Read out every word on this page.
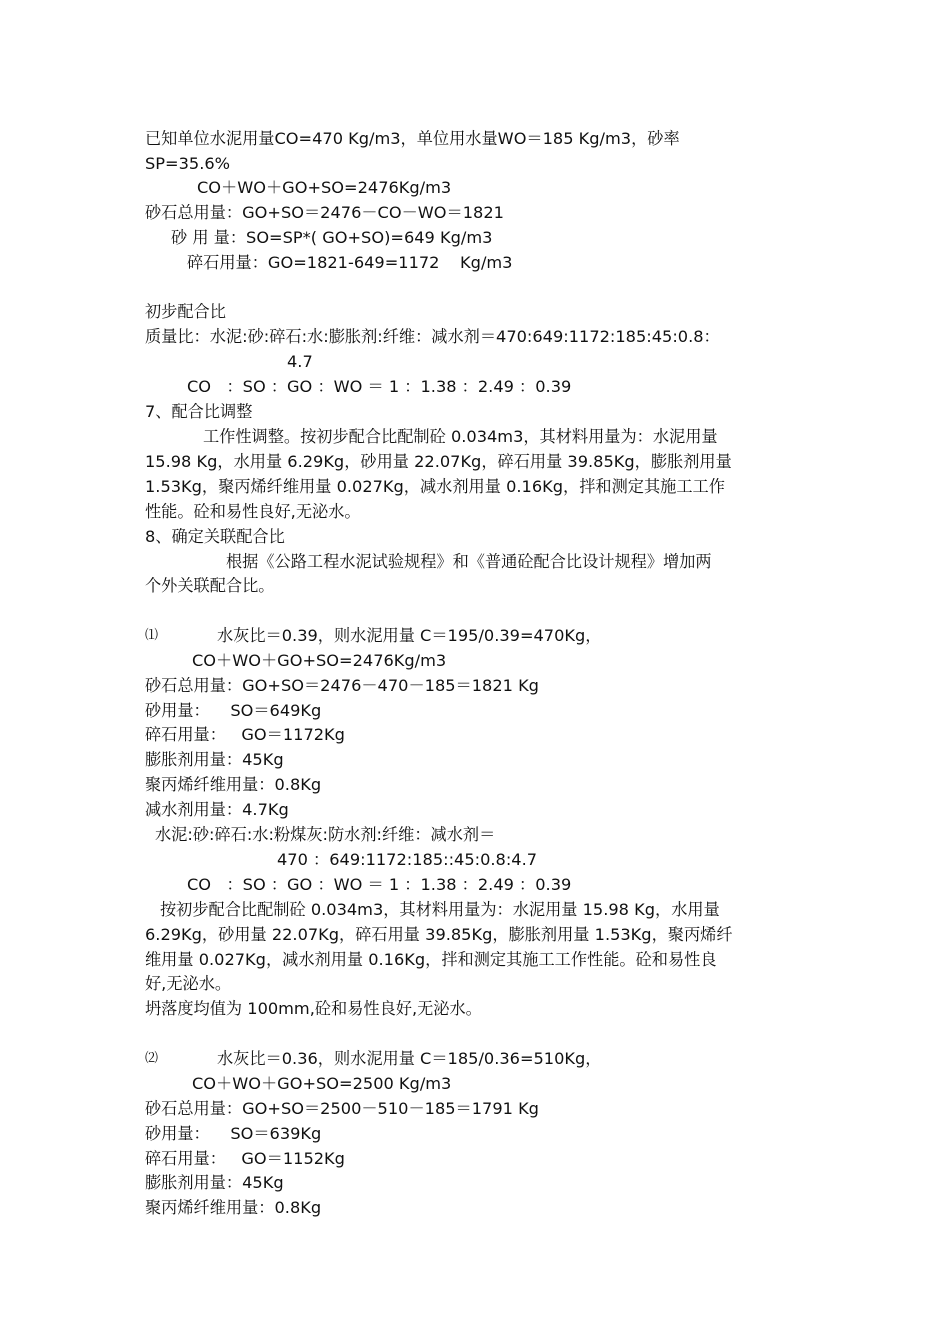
已知单位水泥用量CO=470 Kg/m3，单位用水量WO＝185 Kg/m3，砂率

SP=35.6%

CO＋WO＋GO+SO=2476Kg/m3

砂石总用量：GO+SO＝2476－CO－WO＝1821

砂 用 量：SO=SP*( GO+SO)=649 Kg/m3

碎石用量：GO=1821-649=1172    Kg/m3

初步配合比

质量比：水泥:砂:碎石:水:膨胀剂:纤维：减水剂＝470:649:1172:185:45:0.8：

4.7

CO   ：SO ：GO ：WO ＝ 1 ：1.38 ：2.49 ：0.39

7、配合比调整

工作性调整。按初步配合比配制砼 0.034m3，其材料用量为：水泥用量

15.98 Kg，水用量 6.29Kg，砂用量 22.07Kg，碎石用量 39.85Kg，膨胀剂用量

1.53Kg，聚丙烯纤维用量 0.027Kg，减水剂用量 0.16Kg，拌和测定其施工工作

性能。砼和易性良好,无泌水。

8、确定关联配合比

根据《公路工程水泥试验规程》和《普通砼配合比设计规程》增加两

个外关联配合比。

⑴	水灰比＝0.39，则水泥用量 C＝195/0.39=470Kg，

CO＋WO＋GO+SO=2476Kg/m3

砂石总用量：GO+SO＝2476－470－185＝1821 Kg

砂用量：    SO＝649Kg

碎石用量：   GO＝1172Kg

膨胀剂用量：45Kg

聚丙烯纤维用量：0.8Kg

减水剂用量：4.7Kg

水泥:砂:碎石:水:粉煤灰:防水剂:纤维：减水剂＝

470 ：649:1172:185::45:0.8:4.7

CO   ：SO ：GO ：WO ＝ 1 ：1.38 ：2.49 ：0.39

按初步配合比配制砼 0.034m3，其材料用量为：水泥用量 15.98 Kg，水用量

6.29Kg，砂用量 22.07Kg，碎石用量 39.85Kg，膨胀剂用量 1.53Kg，聚丙烯纤

维用量 0.027Kg，减水剂用量 0.16Kg，拌和测定其施工工作性能。砼和易性良

好,无泌水。

坍落度均值为 100mm,砼和易性良好,无泌水。

⑵	水灰比＝0.36，则水泥用量 C＝185/0.36=510Kg，

CO＋WO＋GO+SO=2500 Kg/m3

砂石总用量：GO+SO＝2500－510－185＝1791 Kg

砂用量：    SO＝639Kg

碎石用量：   GO＝1152Kg

膨胀剂用量：45Kg

聚丙烯纤维用量：0.8Kg
